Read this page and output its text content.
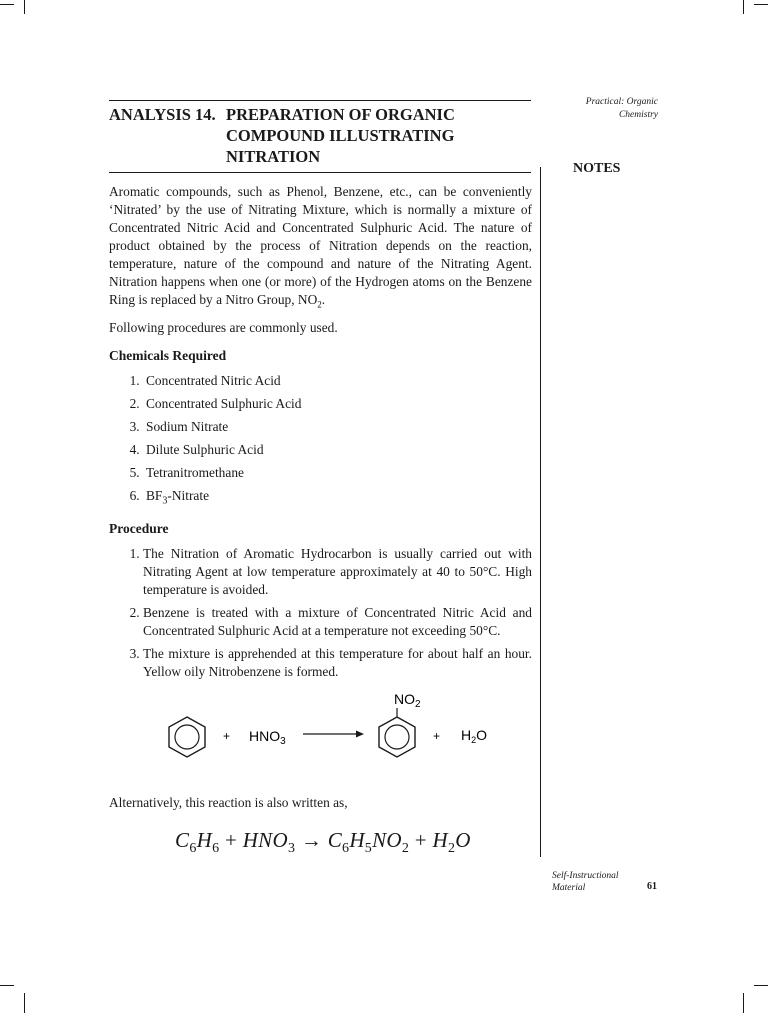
Practical: Organic
Chemistry
ANALYSIS 14. PREPARATION OF ORGANIC
COMPOUND ILLUSTRATING
NITRATION
NOTES

Aromatic compounds, such as Phenol, Benzene, etc., can be conveniently ‘Nitrated’ by the use of Nitrating Mixture, which is normally a mixture of Concentrated Nitric Acid and Concentrated Sulphuric Acid. The nature of product obtained by the process of Nitration depends on the reaction, temperature, nature of the compound and nature of the Nitrating Agent. Nitration happens when one (or more) of the Hydrogen atoms on the Benzene Ring is replaced by a Nitro Group, $NO_2$.

Following procedures are commonly used.

Chemicals Required
1. Concentrated Nitric Acid
2. Concentrated Sulphuric Acid
3. Sodium Nitrate
4. Dilute Sulphuric Acid
5. Tetranitromethane
6. $BF_3$-Nitrate
Procedure
1. The Nitration of Aromatic Hydrocarbon is usually carried out with Nitrating Agent at low temperature approximately at 40 to 50°C. High temperature is avoided.
2. Benzene is treated with a mixture of Concentrated Nitric Acid and Concentrated Sulphuric Acid at a temperature not exceeding 50°C.
3. The mixture is apprehended at this temperature for about half an hour. Yellow oily Nitrobenzene is formed.
+ $HNO_3$
$NO_2$
+ $H_2O$
Alternatively, this reaction is also written as,
$C_6H_6 + HNO_3 \to C_6H_5NO_2 + H_2O$
Self-Instructional
Material	61
